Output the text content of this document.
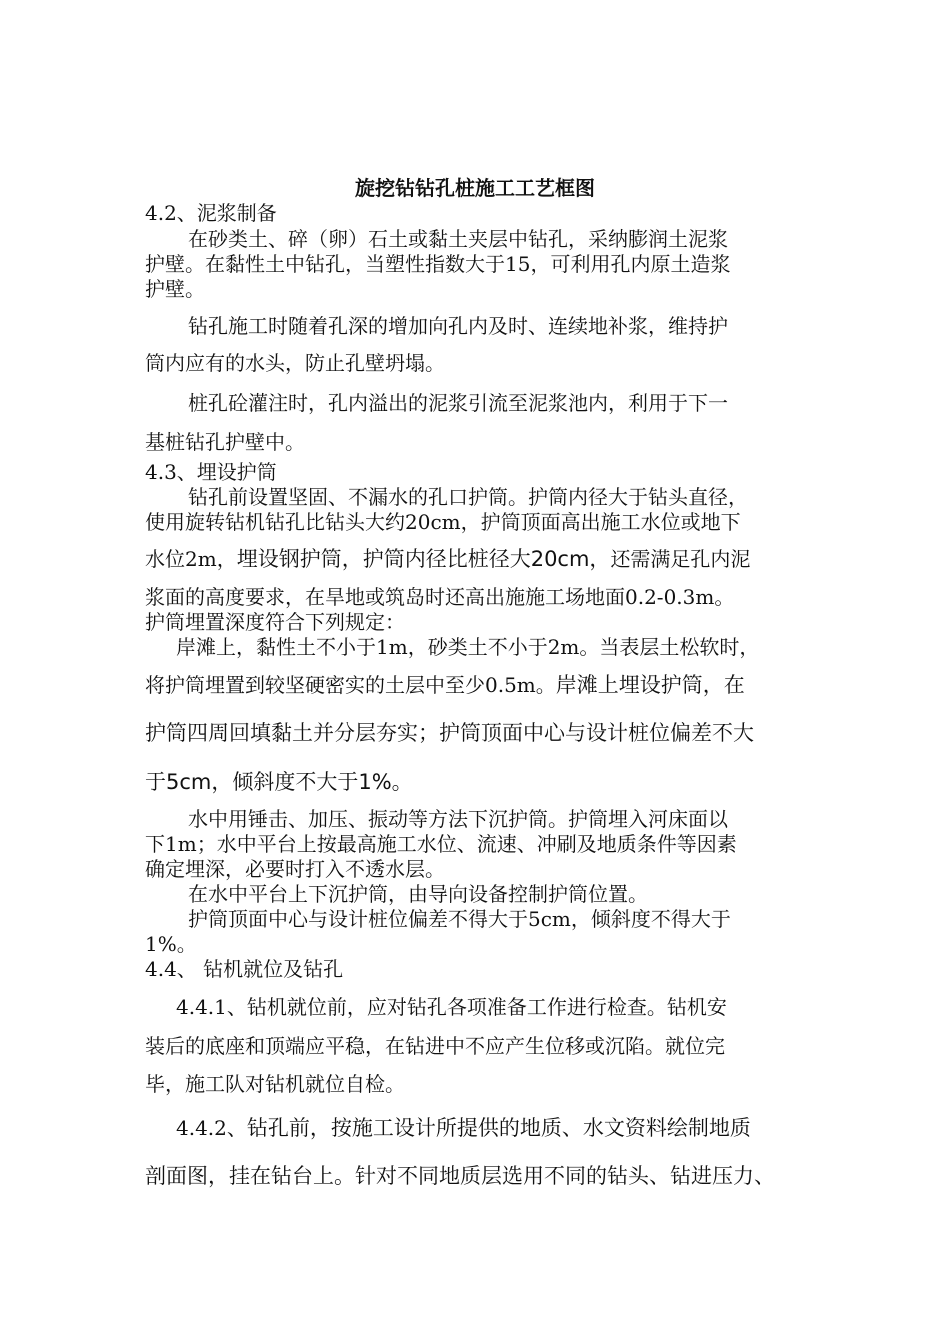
旋挖钻钻孔桩施工工艺框图

4.2、泥浆制备

在砂类土、碎（卵）石土或黏土夹层中钻孔，采纳膨润土泥浆

护壁。在黏性土中钻孔，当塑性指数大于15，可利用孔内原土造浆

护壁。

钻孔施工时随着孔深的增加向孔内及时、连续地补浆，维持护

筒内应有的水头，防止孔壁坍塌。

桩孔砼灌注时，孔内溢出的泥浆引流至泥浆池内，利用于下一

基桩钻孔护壁中。

4.3、埋设护筒

钻孔前设置坚固、不漏水的孔口护筒。护筒内径大于钻头直径，

使用旋转钻机钻孔比钻头大约20cm，护筒顶面高出施工水位或地下

水位2m，埋设钢护筒，护筒内径比桩径大20cm，还需满足孔内泥

浆面的高度要求，在旱地或筑岛时还高出施施工场地面0.2-0.3m。

护筒埋置深度符合下列规定：

岸滩上，黏性土不小于1m，砂类土不小于2m。当表层土松软时，

将护筒埋置到较坚硬密实的土层中至少0.5m。岸滩上埋设护筒，在

护筒四周回填黏土并分层夯实；护筒顶面中心与设计桩位偏差不大

于5cm，倾斜度不大于1%。

水中用锤击、加压、振动等方法下沉护筒。护筒埋入河床面以

下1m；水中平台上按最高施工水位、流速、冲刷及地质条件等因素

确定埋深，必要时打入不透水层。

在水中平台上下沉护筒，由导向设备控制护筒位置。

护筒顶面中心与设计桩位偏差不得大于5cm，倾斜度不得大于

1%。

4.4、 钻机就位及钻孔

4.4.1、钻机就位前，应对钻孔各项准备工作进行检查。钻机安

装后的底座和顶端应平稳，在钻进中不应产生位移或沉陷。就位完

毕，施工队对钻机就位自检。

4.4.2、钻孔前，按施工设计所提供的地质、水文资料绘制地质

剖面图，挂在钻台上。针对不同地质层选用不同的钻头、钻进压力、
